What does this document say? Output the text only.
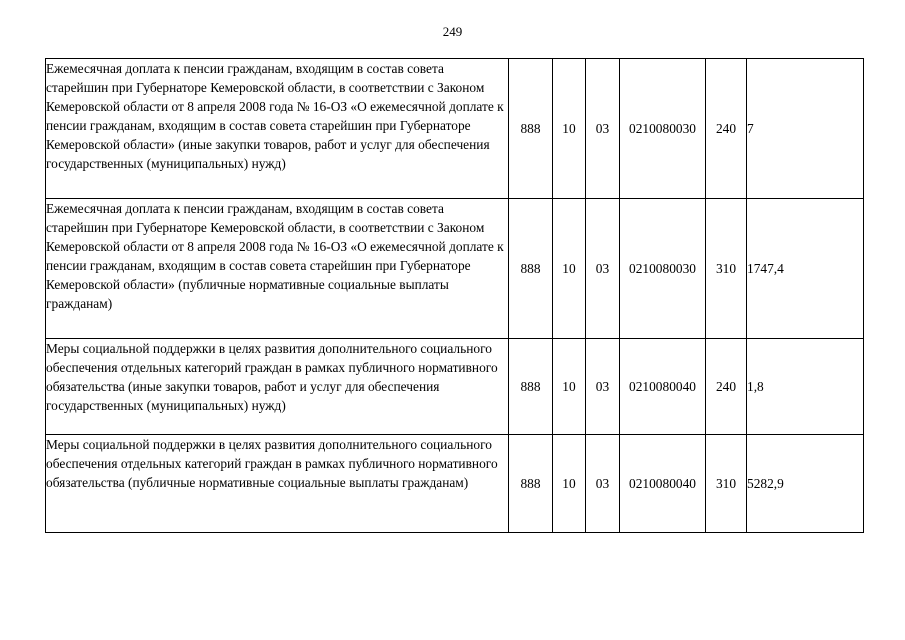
249
Ежемесячная доплата к пенсии гражданам, входящим в состав совета старейшин при Губернаторе Кемеровской области, в соответствии с Законом Кемеровской области от 8 апреля 2008 года № 16-ОЗ «О ежемесячной доплате к пенсии гражданам, входящим в состав совета старейшин при Губернаторе Кемеровской области» (иные закупки товаров, работ и услуг для обеспечения государственных (муниципальных) нужд)	888	10	03	0210080030	240	7
Ежемесячная доплата к пенсии гражданам, входящим в состав совета старейшин при Губернаторе Кемеровской области, в соответствии с Законом Кемеровской области от 8 апреля 2008 года № 16-ОЗ «О ежемесячной доплате к пенсии гражданам, входящим в состав совета старейшин при Губернаторе Кемеровской области» (публичные нормативные социальные выплаты гражданам)	888	10	03	0210080030	310	1747,4
Меры социальной поддержки в целях развития дополнительного социального обеспечения отдельных категорий граждан в рамках публичного нормативного обязательства (иные закупки товаров, работ и услуг для обеспечения государственных (муниципальных) нужд)	888	10	03	0210080040	240	1,8
Меры социальной поддержки в целях развития дополнительного социального обеспечения отдельных категорий граждан в рамках публичного нормативного обязательства (публичные нормативные социальные выплаты гражданам)	888	10	03	0210080040	310	5282,9
